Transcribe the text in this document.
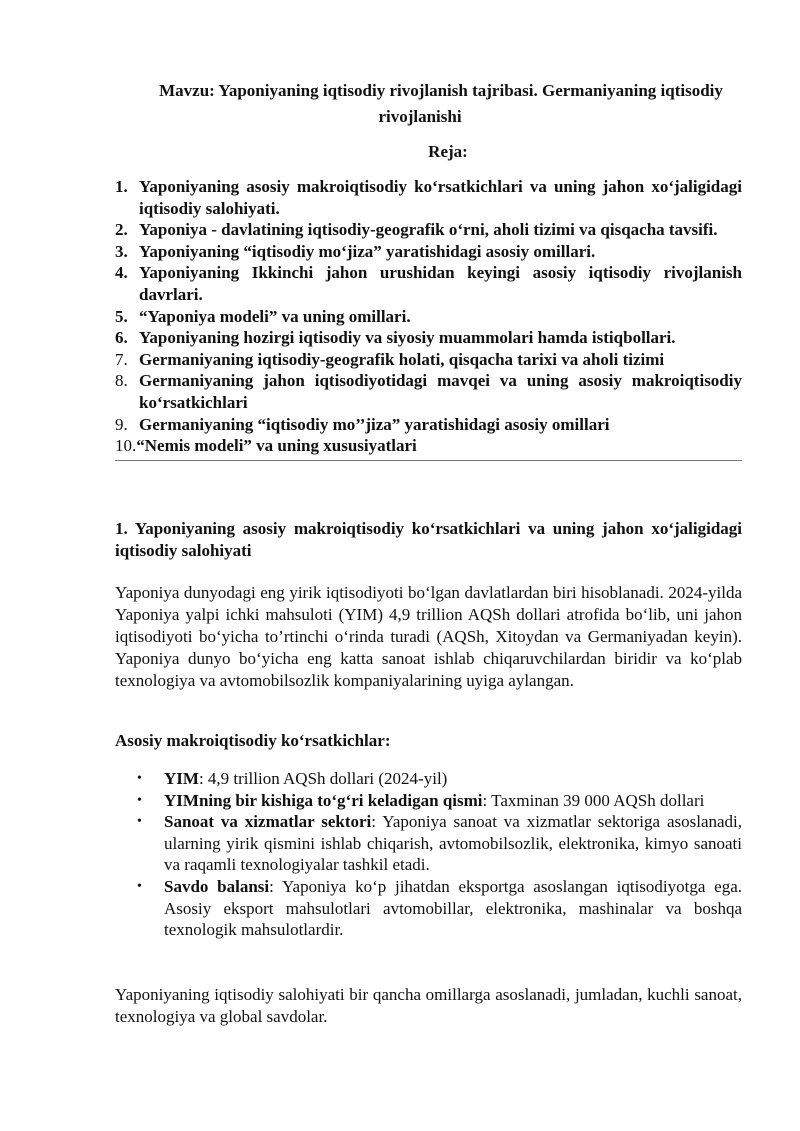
Mavzu: Yaponiyaning iqtisodiy rivojlanish tajribasi. Germaniyaning iqtisodiy rivojlanishi
Reja:
1. Yaponiyaning asosiy makroiqtisodiy ko‘rsatkichlari va uning jahon xo‘jaligidagi iqtisodiy salohiyati.
2. Yaponiya - davlatining iqtisodiy-geografik o‘rni, aholi tizimi va qisqacha tavsifi.
3. Yaponiyaning “iqtisodiy mo‘jiza” yaratishidagi asosiy omillari.
4. Yaponiyaning Ikkinchi jahon urushidan keyingi asosiy iqtisodiy rivojlanish davrlari.
5. “Yaponiya modeli” va uning omillari.
6. Yaponiyaning hozirgi iqtisodiy va siyosiy muammolari hamda istiqbollari.
7. Germaniyaning iqtisodiy-geografik holati, qisqacha tarixi va aholi tizimi
8. Germaniyaning jahon iqtisodiyotidagi mavqei va uning asosiy makroiqtisodiy ko‘rsatkichlari
9. Germaniyaning “iqtisodiy mo’’jiza” yaratishidagi asosiy omillari
10.“Nemis modeli” va uning xususiyatlari
1. Yaponiyaning asosiy makroiqtisodiy ko‘rsatkichlari va uning jahon xo‘jaligidagi iqtisodiy salohiyati

Yaponiya dunyodagi eng yirik iqtisodiyoti bo‘lgan davlatlardan biri hisoblanadi. 2024-yilda Yaponiya yalpi ichki mahsuloti (YIM) 4,9 trillion AQSh dollari atrofida bo‘lib, uni jahon iqtisodiyoti bo‘yicha to’rtinchi o‘rinda turadi (AQSh, Xitoydan va Germaniyadan keyin). Yaponiya dunyo bo‘yicha eng katta sanoat ishlab chiqaruvchilardan biridir va ko‘plab texnologiya va avtomobilsozlik kompaniyalarining uyiga aylangan.

Asosiy makroiqtisodiy ko‘rsatkichlar:
• YIM: 4,9 trillion AQSh dollari (2024-yil)
• YIMning bir kishiga to‘g‘ri keladigan qismi: Taxminan 39 000 AQSh dollari
• Sanoat va xizmatlar sektori: Yaponiya sanoat va xizmatlar sektoriga asoslanadi, ularning yirik qismini ishlab chiqarish, avtomobilsozlik, elektronika, kimyo sanoati va raqamli texnologiyalar tashkil etadi.
• Savdo balansi: Yaponiya ko‘p jihatdan eksportga asoslangan iqtisodiyotga ega. Asosiy eksport mahsulotlari avtomobillar, elektronika, mashinalar va boshqa texnologik mahsulotlardir.

Yaponiyaning iqtisodiy salohiyati bir qancha omillarga asoslanadi, jumladan, kuchli sanoat, texnologiya va global savdolar.
